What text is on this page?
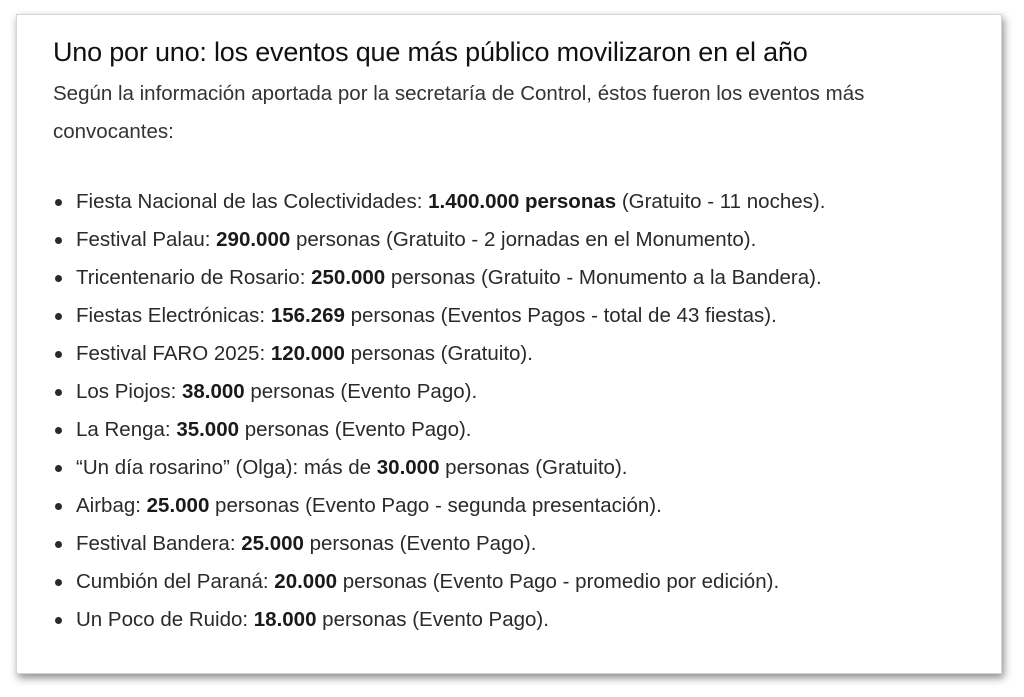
Uno por uno: los eventos que más público movilizaron en el año

Según la información aportada por la secretaría de Control, éstos fueron los eventos más convocantes:

Fiesta Nacional de las Colectividades: 1.400.000 personas (Gratuito - 11 noches).
Festival Palau: 290.000 personas (Gratuito - 2 jornadas en el Monumento).
Tricentenario de Rosario: 250.000 personas (Gratuito - Monumento a la Bandera).
Fiestas Electrónicas: 156.269 personas (Eventos Pagos - total de 43 fiestas).
Festival FARO 2025: 120.000 personas (Gratuito).
Los Piojos: 38.000 personas (Evento Pago).
La Renga: 35.000 personas (Evento Pago).
“Un día rosarino” (Olga): más de 30.000 personas (Gratuito).
Airbag: 25.000 personas (Evento Pago - segunda presentación).
Festival Bandera: 25.000 personas (Evento Pago).
Cumbión del Paraná: 20.000 personas (Evento Pago - promedio por edición).
Un Poco de Ruido: 18.000 personas (Evento Pago).
